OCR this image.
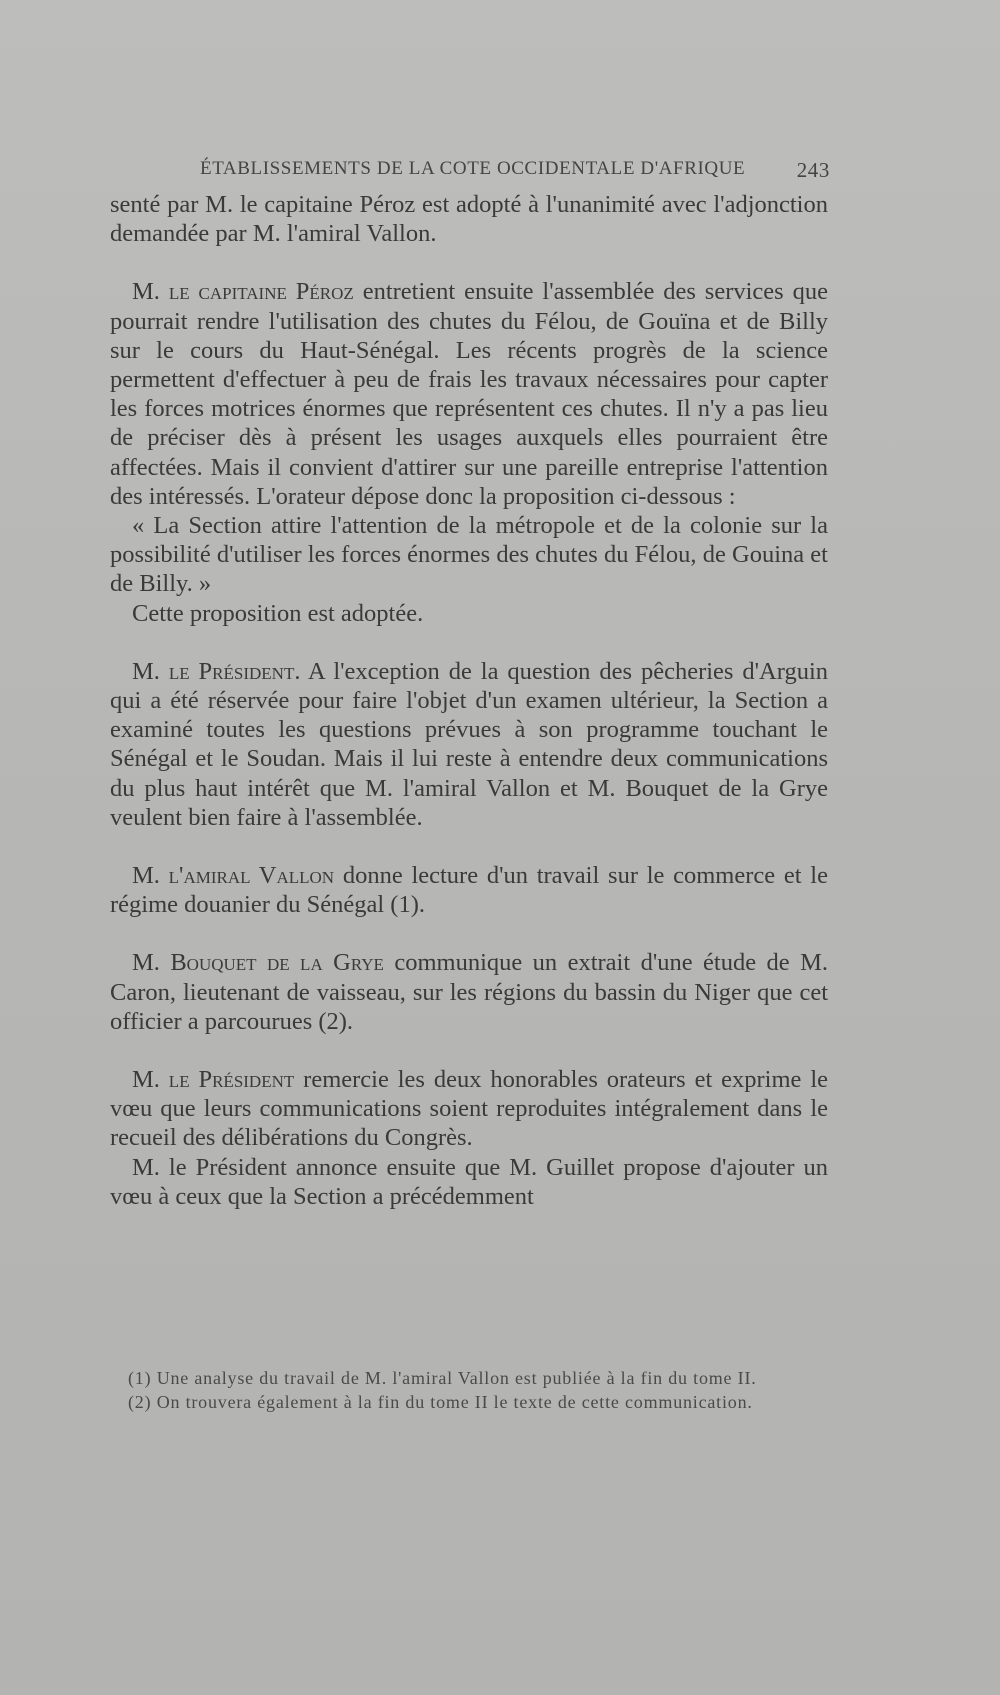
ÉTABLISSEMENTS DE LA COTE OCCIDENTALE D'AFRIQUE 243

senté par M. le capitaine Péroz est adopté à l'unanimité avec l'adjonction demandée par M. l'amiral Vallon.

M. le capitaine Péroz entretient ensuite l'assemblée des services que pourrait rendre l'utilisation des chutes du Félou, de Gouïna et de Billy sur le cours du Haut-Sénégal. Les récents progrès de la science permettent d'effectuer à peu de frais les travaux nécessaires pour capter les forces motrices énormes que représentent ces chutes. Il n'y a pas lieu de préciser dès à présent les usages auxquels elles pourraient être affectées. Mais il convient d'attirer sur une pareille entreprise l'attention des intéressés. L'orateur dépose donc la proposition ci-dessous :

« La Section attire l'attention de la métropole et de la colonie sur la possibilité d'utiliser les forces énormes des chutes du Félou, de Gouina et de Billy. »

Cette proposition est adoptée.

M. le Président. A l'exception de la question des pêcheries d'Arguin qui a été réservée pour faire l'objet d'un examen ultérieur, la Section a examiné toutes les questions prévues à son programme touchant le Sénégal et le Soudan. Mais il lui reste à entendre deux communications du plus haut intérêt que M. l'amiral Vallon et M. Bouquet de la Grye veulent bien faire à l'assemblée.

M. l'amiral Vallon donne lecture d'un travail sur le commerce et le régime douanier du Sénégal (1).

M. Bouquet de la Grye communique un extrait d'une étude de M. Caron, lieutenant de vaisseau, sur les régions du bassin du Niger que cet officier a parcourues (2).

M. le Président remercie les deux honorables orateurs et exprime le vœu que leurs communications soient reproduites intégralement dans le recueil des délibérations du Congrès.

M. le Président annonce ensuite que M. Guillet propose d'ajouter un vœu à ceux que la Section a précédemment

(1) Une analyse du travail de M. l'amiral Vallon est publiée à la fin du tome II.

(2) On trouvera également à la fin du tome II le texte de cette communication.
